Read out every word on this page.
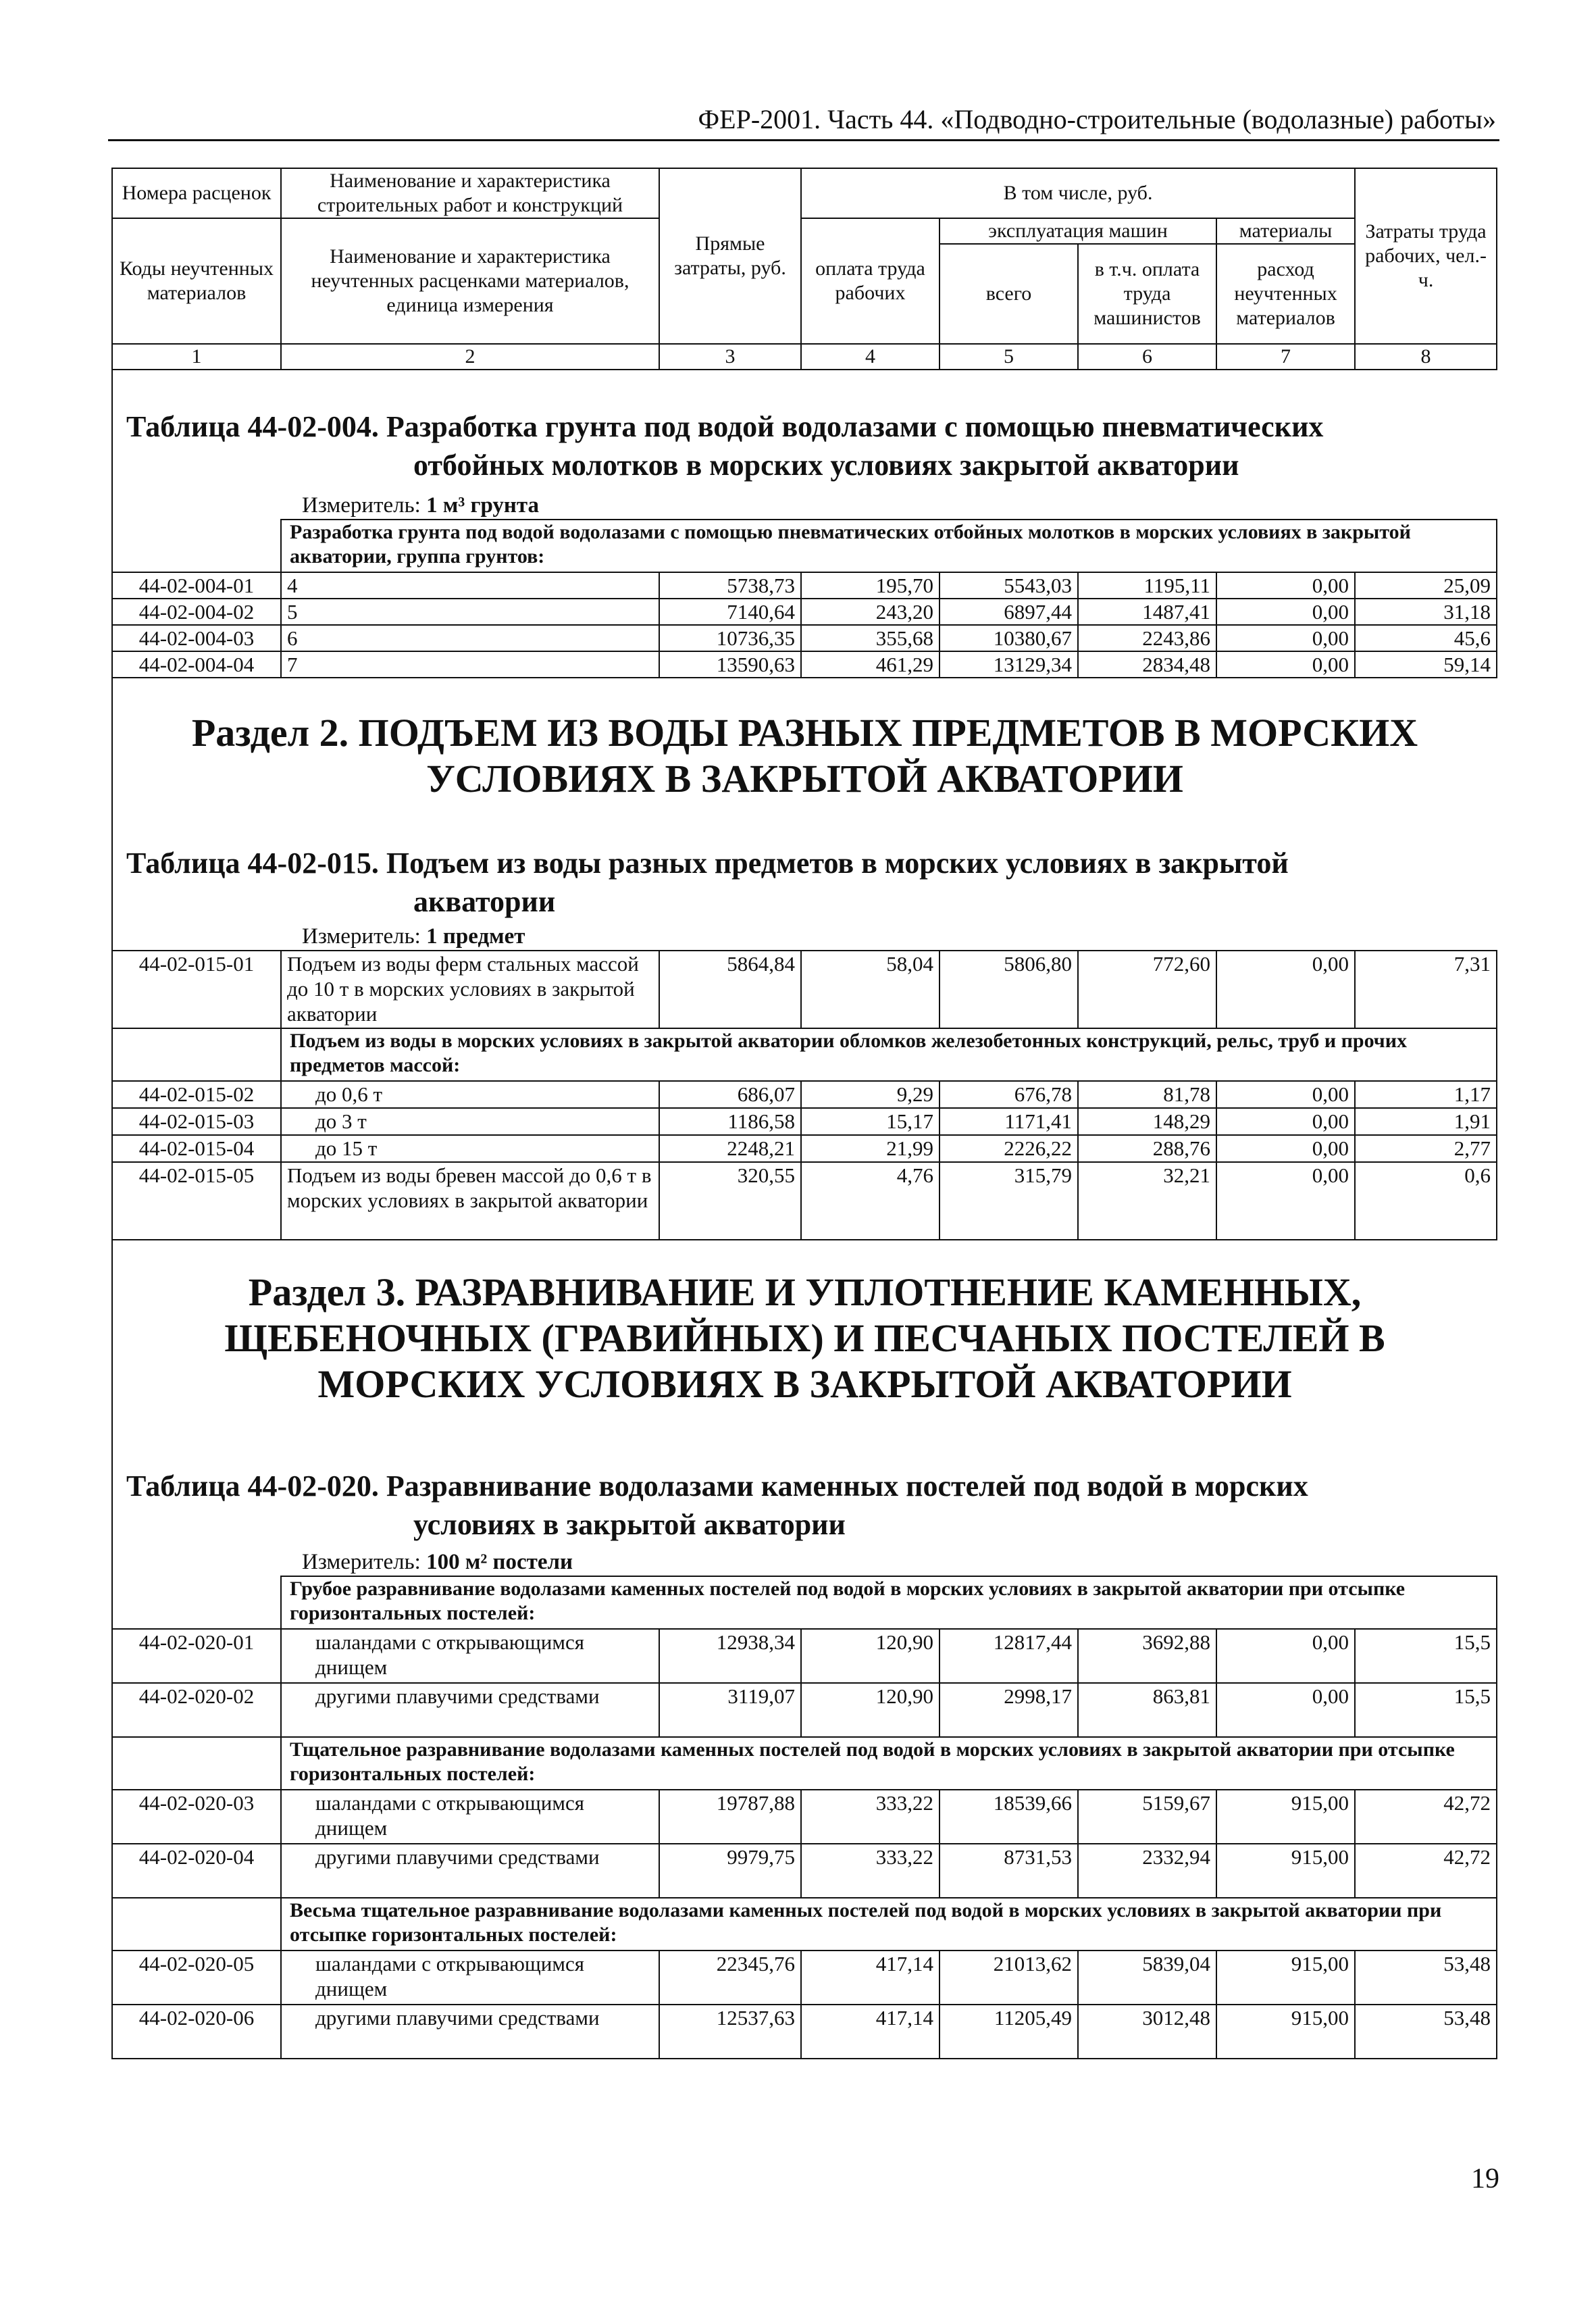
ФЕР-2001. Часть 44. «Подводно-строительные (водолазные) работы»
Номера расценок	Наименование и характеристика строительных работ и конструкций	Прямые затраты, руб.	В том числе, руб.				Затраты труда рабочих, чел.-ч.
Коды неучтенных материалов	Наименование и характеристика неучтенных расценками материалов, единица измерения		оплата труда рабочих	эксплуатация машин		материалы	
				всего	в т.ч. оплата труда машинистов	расход неучтенных материалов	
1	2	3	4	5	6	7	8

Таблица 44-02-004. Разработка грунта под водой водолазами с помощью пневматических
отбойных молотков в морских условиях закрытой акватории							

Измеритель: 1 м³ грунта							
	Разработка грунта под водой водолазами с помощью пневматических отбойных молотков в морских условиях в закрытой акватории, группа грунтов:						
44-02-004-01	4	5738,73	195,70	5543,03	1195,11	0,00	25,09
44-02-004-02	5	7140,64	243,20	6897,44	1487,41	0,00	31,18
44-02-004-03	6	10736,35	355,68	10380,67	2243,86	0,00	45,6
44-02-004-04	7	13590,63	461,29	13129,34	2834,48	0,00	59,14

Раздел 2. ПОДЪЕМ ИЗ ВОДЫ РАЗНЫХ ПРЕДМЕТОВ В МОРСКИХ
УСЛОВИЯХ В ЗАКРЫТОЙ АКВАТОРИИ							

Таблица 44-02-015. Подъем из воды разных предметов в морских условиях в закрытой
акватории							

Измеритель: 1 предмет							
44-02-015-01	Подъем из воды ферм стальных массой до 10 т в морских условиях в закрытой акватории	5864,84	58,04	5806,80	772,60	0,00	7,31
	Подъем из воды в морских условиях в закрытой акватории обломков железобетонных конструкций, рельс, труб и прочих предметов массой:						
44-02-015-02	до 0,6 т	686,07	9,29	676,78	81,78	0,00	1,17
44-02-015-03	до 3 т	1186,58	15,17	1171,41	148,29	0,00	1,91
44-02-015-04	до 15 т	2248,21	21,99	2226,22	288,76	0,00	2,77
44-02-015-05	Подъем из воды бревен массой до 0,6 т в морских условиях в закрытой акватории	320,55	4,76	315,79	32,21	0,00	0,6

Раздел 3. РАЗРАВНИВАНИЕ И УПЛОТНЕНИЕ КАМЕННЫХ,
ЩЕБЕНОЧНЫХ (ГРАВИЙНЫХ) И ПЕСЧАНЫХ ПОСТЕЛЕЙ В
МОРСКИХ УСЛОВИЯХ В ЗАКРЫТОЙ АКВАТОРИИ							

Таблица 44-02-020. Разравнивание водолазами каменных постелей под водой в морских
условиях в закрытой акватории							

Измеритель: 100 м² постели							
	Грубое разравнивание водолазами каменных постелей под водой в морских условиях в закрытой акватории при отсыпке горизонтальных постелей:						
44-02-020-01	шаландами с открывающимся днищем	12938,34	120,90	12817,44	3692,88	0,00	15,5
44-02-020-02	другими плавучими средствами	3119,07	120,90	2998,17	863,81	0,00	15,5
	Тщательное разравнивание водолазами каменных постелей под водой в морских условиях в закрытой акватории при отсыпке горизонтальных постелей:						
44-02-020-03	шаландами с открывающимся днищем	19787,88	333,22	18539,66	5159,67	915,00	42,72
44-02-020-04	другими плавучими средствами	9979,75	333,22	8731,53	2332,94	915,00	42,72
	Весьма тщательное разравнивание водолазами каменных постелей под водой в морских условиях в закрытой акватории при отсыпке горизонтальных постелей:						
44-02-020-05	шаландами с открывающимся днищем	22345,76	417,14	21013,62	5839,04	915,00	53,48
44-02-020-06	другими плавучими средствами	12537,63	417,14	11205,49	3012,48	915,00	53,48
19
